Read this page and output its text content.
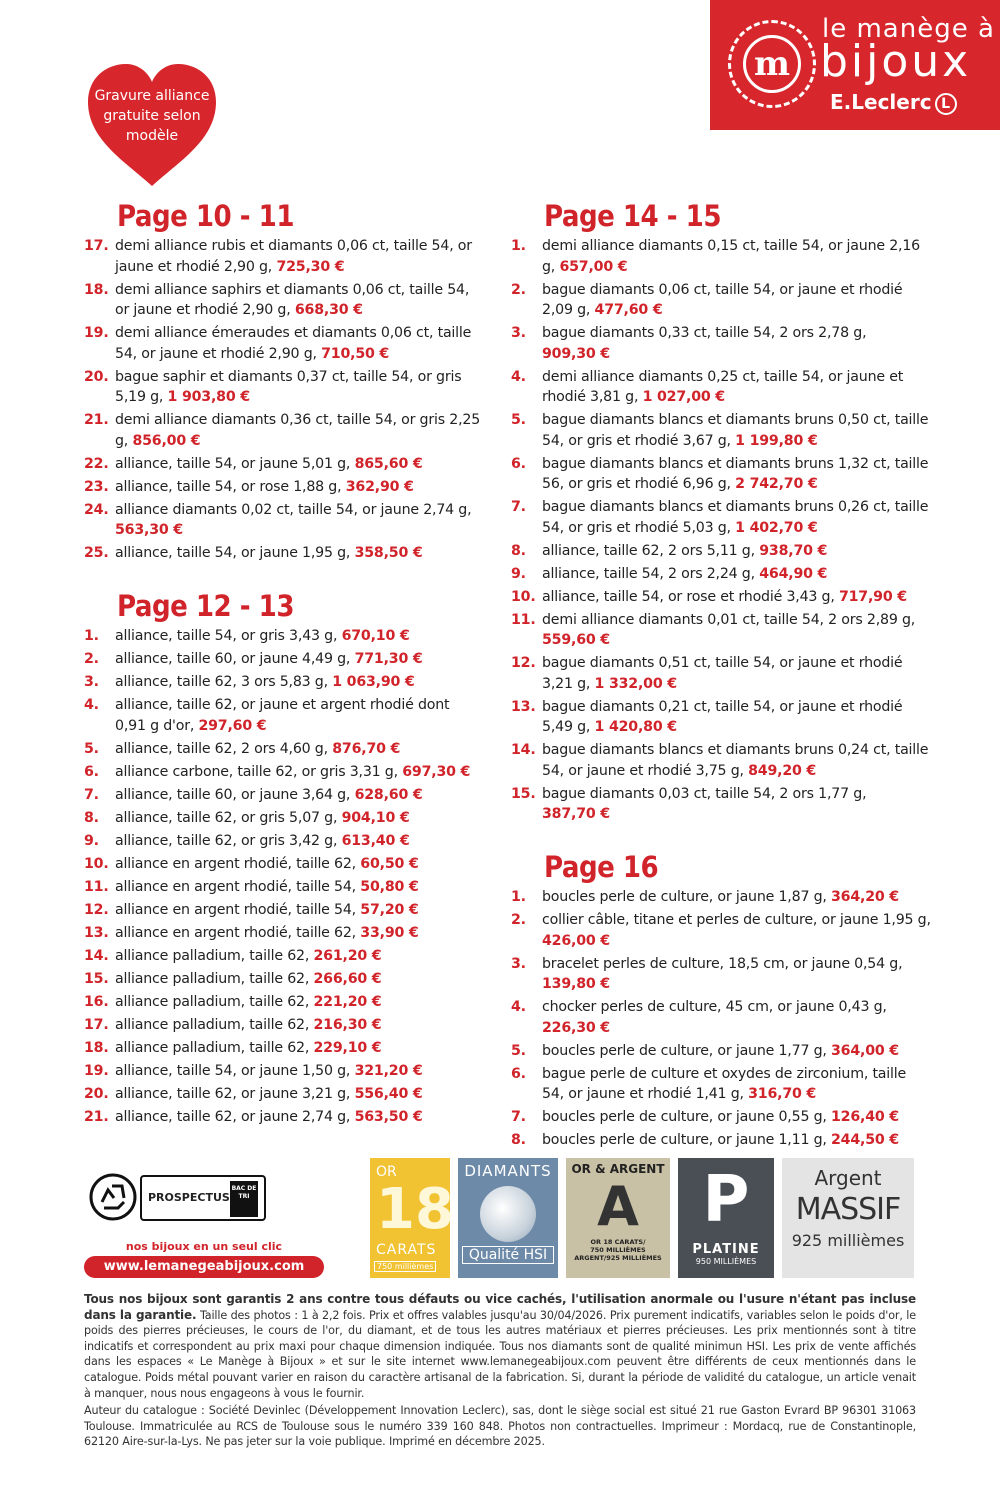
m
le manège à
bijoux
E.Leclerc L
Gravure alliance
gratuite selon
modèle
Page 10 - 11
17. demi alliance rubis et diamants 0,06 ct, taille 54, or jaune et rhodié 2,90 g, 725,30 €
18. demi alliance saphirs et diamants 0,06 ct, taille 54, or jaune et rhodié 2,90 g, 668,30 €
19. demi alliance émeraudes et diamants 0,06 ct, taille 54, or jaune et rhodié 2,90 g, 710,50 €
20. bague saphir et diamants 0,37 ct, taille 54, or gris 5,19 g, 1 903,80 €
21. demi alliance diamants 0,36 ct, taille 54, or gris 2,25 g, 856,00 €
22. alliance, taille 54, or jaune 5,01 g, 865,60 €
23. alliance, taille 54, or rose 1,88 g, 362,90 €
24. alliance diamants 0,02 ct, taille 54, or jaune 2,74 g, 563,30 €
25. alliance, taille 54, or jaune 1,95 g, 358,50 €
Page 12 - 13
1.	alliance, taille 54, or gris 3,43 g, 670,10 €
2.	alliance, taille 60, or jaune 4,49 g, 771,30 €
3.	alliance, taille 62, 3 ors 5,83 g, 1 063,90 €
4.	alliance, taille 62, or jaune et argent rhodié dont 0,91 g d'or, 297,60 €
5.	alliance, taille 62, 2 ors 4,60 g, 876,70 €
6.	alliance carbone, taille 62, or gris 3,31 g, 697,30 €
7.	alliance, taille 60, or jaune 3,64 g, 628,60 €
8.	alliance, taille 62, or gris 5,07 g, 904,10 €
9.	alliance, taille 62, or gris 3,42 g, 613,40 €
10. alliance en argent rhodié, taille 62, 60,50 €
11. alliance en argent rhodié, taille 54, 50,80 €
12. alliance en argent rhodié, taille 54, 57,20 €
13. alliance en argent rhodié, taille 62, 33,90 €
14. alliance palladium, taille 62, 261,20 €
15. alliance palladium, taille 62, 266,60 €
16. alliance palladium, taille 62, 221,20 €
17. alliance palladium, taille 62, 216,30 €
18. alliance palladium, taille 62, 229,10 €
19. alliance, taille 54, or jaune 1,50 g, 321,20 €
20. alliance, taille 62, or jaune 3,21 g, 556,40 €
21. alliance, taille 62, or jaune 2,74 g, 563,50 €
Page 14 - 15
1.	demi alliance diamants 0,15 ct, taille 54, or jaune 2,16 g, 657,00 €
2.	bague diamants 0,06 ct, taille 54, or jaune et rhodié 2,09 g, 477,60 €
3.	bague diamants 0,33 ct, taille 54, 2 ors 2,78 g, 909,30 €
4.	demi alliance diamants 0,25 ct, taille 54, or jaune et rhodié 3,81 g, 1 027,00 €
5.	bague diamants blancs et diamants bruns 0,50 ct, taille 54, or gris et rhodié 3,67 g, 1 199,80 €
6.	bague diamants blancs et diamants bruns 1,32 ct, taille 56, or gris et rhodié 6,96 g, 2 742,70 €
7.	bague diamants blancs et diamants bruns 0,26 ct, taille 54, or gris et rhodié 5,03 g, 1 402,70 €
8.	alliance, taille 62, 2 ors 5,11 g, 938,70 €
9.	alliance, taille 54, 2 ors 2,24 g, 464,90 €
10. alliance, taille 54, or rose et rhodié 3,43 g, 717,90 €
11. demi alliance diamants 0,01 ct, taille 54, 2 ors 2,89 g, 559,60 €
12. bague diamants 0,51 ct, taille 54, or jaune et rhodié 3,21 g, 1 332,00 €
13. bague diamants 0,21 ct, taille 54, or jaune et rhodié 5,49 g, 1 420,80 €
14. bague diamants blancs et diamants bruns 0,24 ct, taille 54, or jaune et rhodié 3,75 g, 849,20 €
15. bague diamants 0,03 ct, taille 54, 2 ors 1,77 g, 387,70 €
Page 16
1.	boucles perle de culture, or jaune 1,87 g, 364,20 €
2.	collier câble, titane et perles de culture, or jaune 1,95 g, 426,00 €
3.	bracelet perles de culture, 18,5 cm, or jaune 0,54 g, 139,80 €
4.	chocker perles de culture, 45 cm, or jaune 0,43 g, 226,30 €
5.	boucles perle de culture, or jaune 1,77 g, 364,00 €
6.	bague perle de culture et oxydes de zirconium, taille 54, or jaune et rhodié 1,41 g, 316,70 €
7.	boucles perle de culture, or jaune 0,55 g, 126,40 €
8.	boucles perle de culture, or jaune 1,11 g, 244,50 €
PROSPECTUS
BAC DE TRI
nos bijoux en un seul clic
www.lemanegeabijoux.com
OR
18
CARATS
750 millièmes
DIAMANTS
Qualité HSI
OR & ARGENT
A
OR 18 CARATS/
750 MILLIÈMES
ARGENT/925 MILLIÈMES
P
PLATINE
950 MILLIÈMES
Argent
MASSIF
925 millièmes

Tous nos bijoux sont garantis 2 ans contre tous défauts ou vice cachés, l'utilisation anormale ou l'usure n'étant pas incluse dans la garantie. Taille des photos : 1 à 2,2 fois. Prix et offres valables jusqu'au 30/04/2026. Prix purement indicatifs, variables selon le poids d'or, le poids des pierres précieuses, le cours de l'or, du diamant, et de tous les autres matériaux et pierres précieuses. Les prix mentionnés sont à titre indicatifs et correspondent au prix maxi pour chaque dimension indiquée. Tous nos diamants sont de qualité minimun HSI. Les prix de vente affichés dans les espaces « Le Manège à Bijoux » et sur le site internet www.lemanegeabijoux.com peuvent être différents de ceux mentionnés dans le catalogue. Poids métal pouvant varier en raison du caractère artisanal de la fabrication. Si, durant la période de validité du catalogue, un article venait à manquer, nous nous engageons à vous le fournir.

Auteur du catalogue : Société Devinlec (Développement Innovation Leclerc), sas, dont le siège social est situé 21 rue Gaston Evrard BP 96301 31063 Toulouse. Immatriculée au RCS de Toulouse sous le numéro 339 160 848. Photos non contractuelles. Imprimeur : Mordacq, rue de Constantinople, 62120 Aire-sur-la-Lys. Ne pas jeter sur la voie publique. Imprimé en décembre 2025.
